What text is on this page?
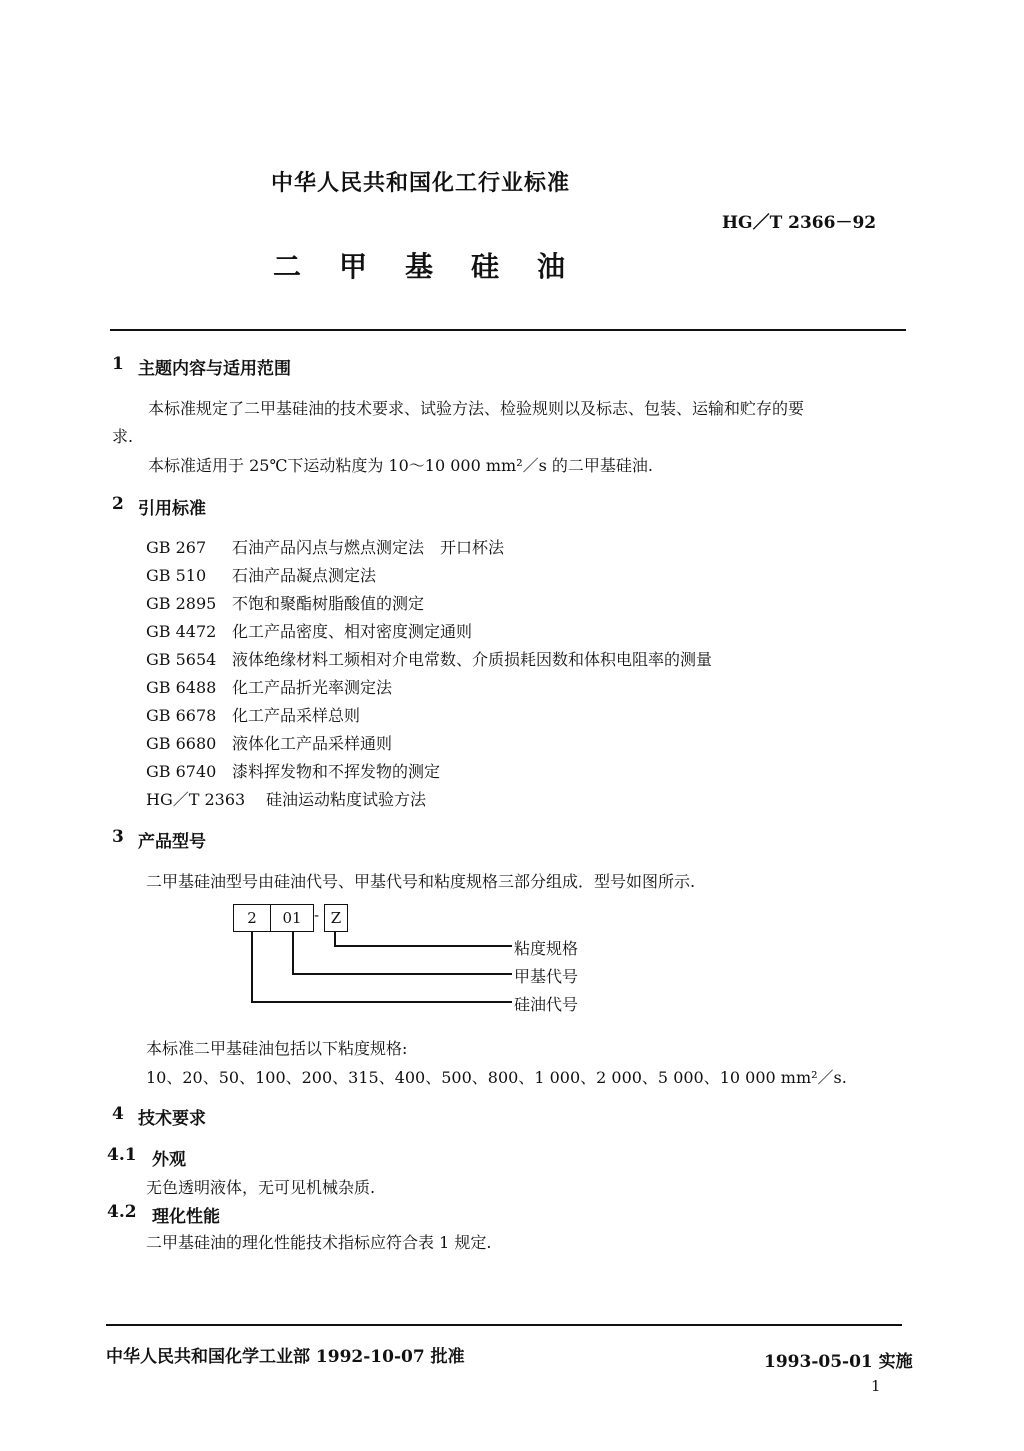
中华人民共和国化工行业标准
HG／T 2366－92
二甲基硅油
1 主题内容与适用范围
本标准规定了二甲基硅油的技术要求、试验方法、检验规则以及标志、包装、运输和贮存的要
求.
本标准适用于 25℃下运动粘度为 10～10 000 mm²／s 的二甲基硅油.
2 引用标准
GB 267 石油产品闪点与燃点测定法　开口杯法
GB 510 石油产品凝点测定法
GB 2895 不饱和聚酯树脂酸值的测定
GB 4472 化工产品密度、相对密度测定通则
GB 5654 液体绝缘材料工频相对介电常数、介质损耗因数和体积电阻率的测量
GB 6488 化工产品折光率测定法
GB 6678 化工产品采样总则
GB 6680 液体化工产品采样通则
GB 6740 漆料挥发物和不挥发物的测定
HG／T 2363 硅油运动粘度试验方法
3 产品型号
二甲基硅油型号由硅油代号、甲基代号和粘度规格三部分组成．型号如图所示.
2	01 - Z
粘度规格
甲基代号
硅油代号
本标准二甲基硅油包括以下粘度规格:
10、20、50、100、200、315、400、500、800、1 000、2 000、5 000、10 000 mm²／s.
4 技术要求
4.1 外观
无色透明液体，无可见机械杂质.
4.2 理化性能
二甲基硅油的理化性能技术指标应符合表 1 规定.
中华人民共和国化学工业部 1992-10-07 批准	1993-05-01 实施
1
